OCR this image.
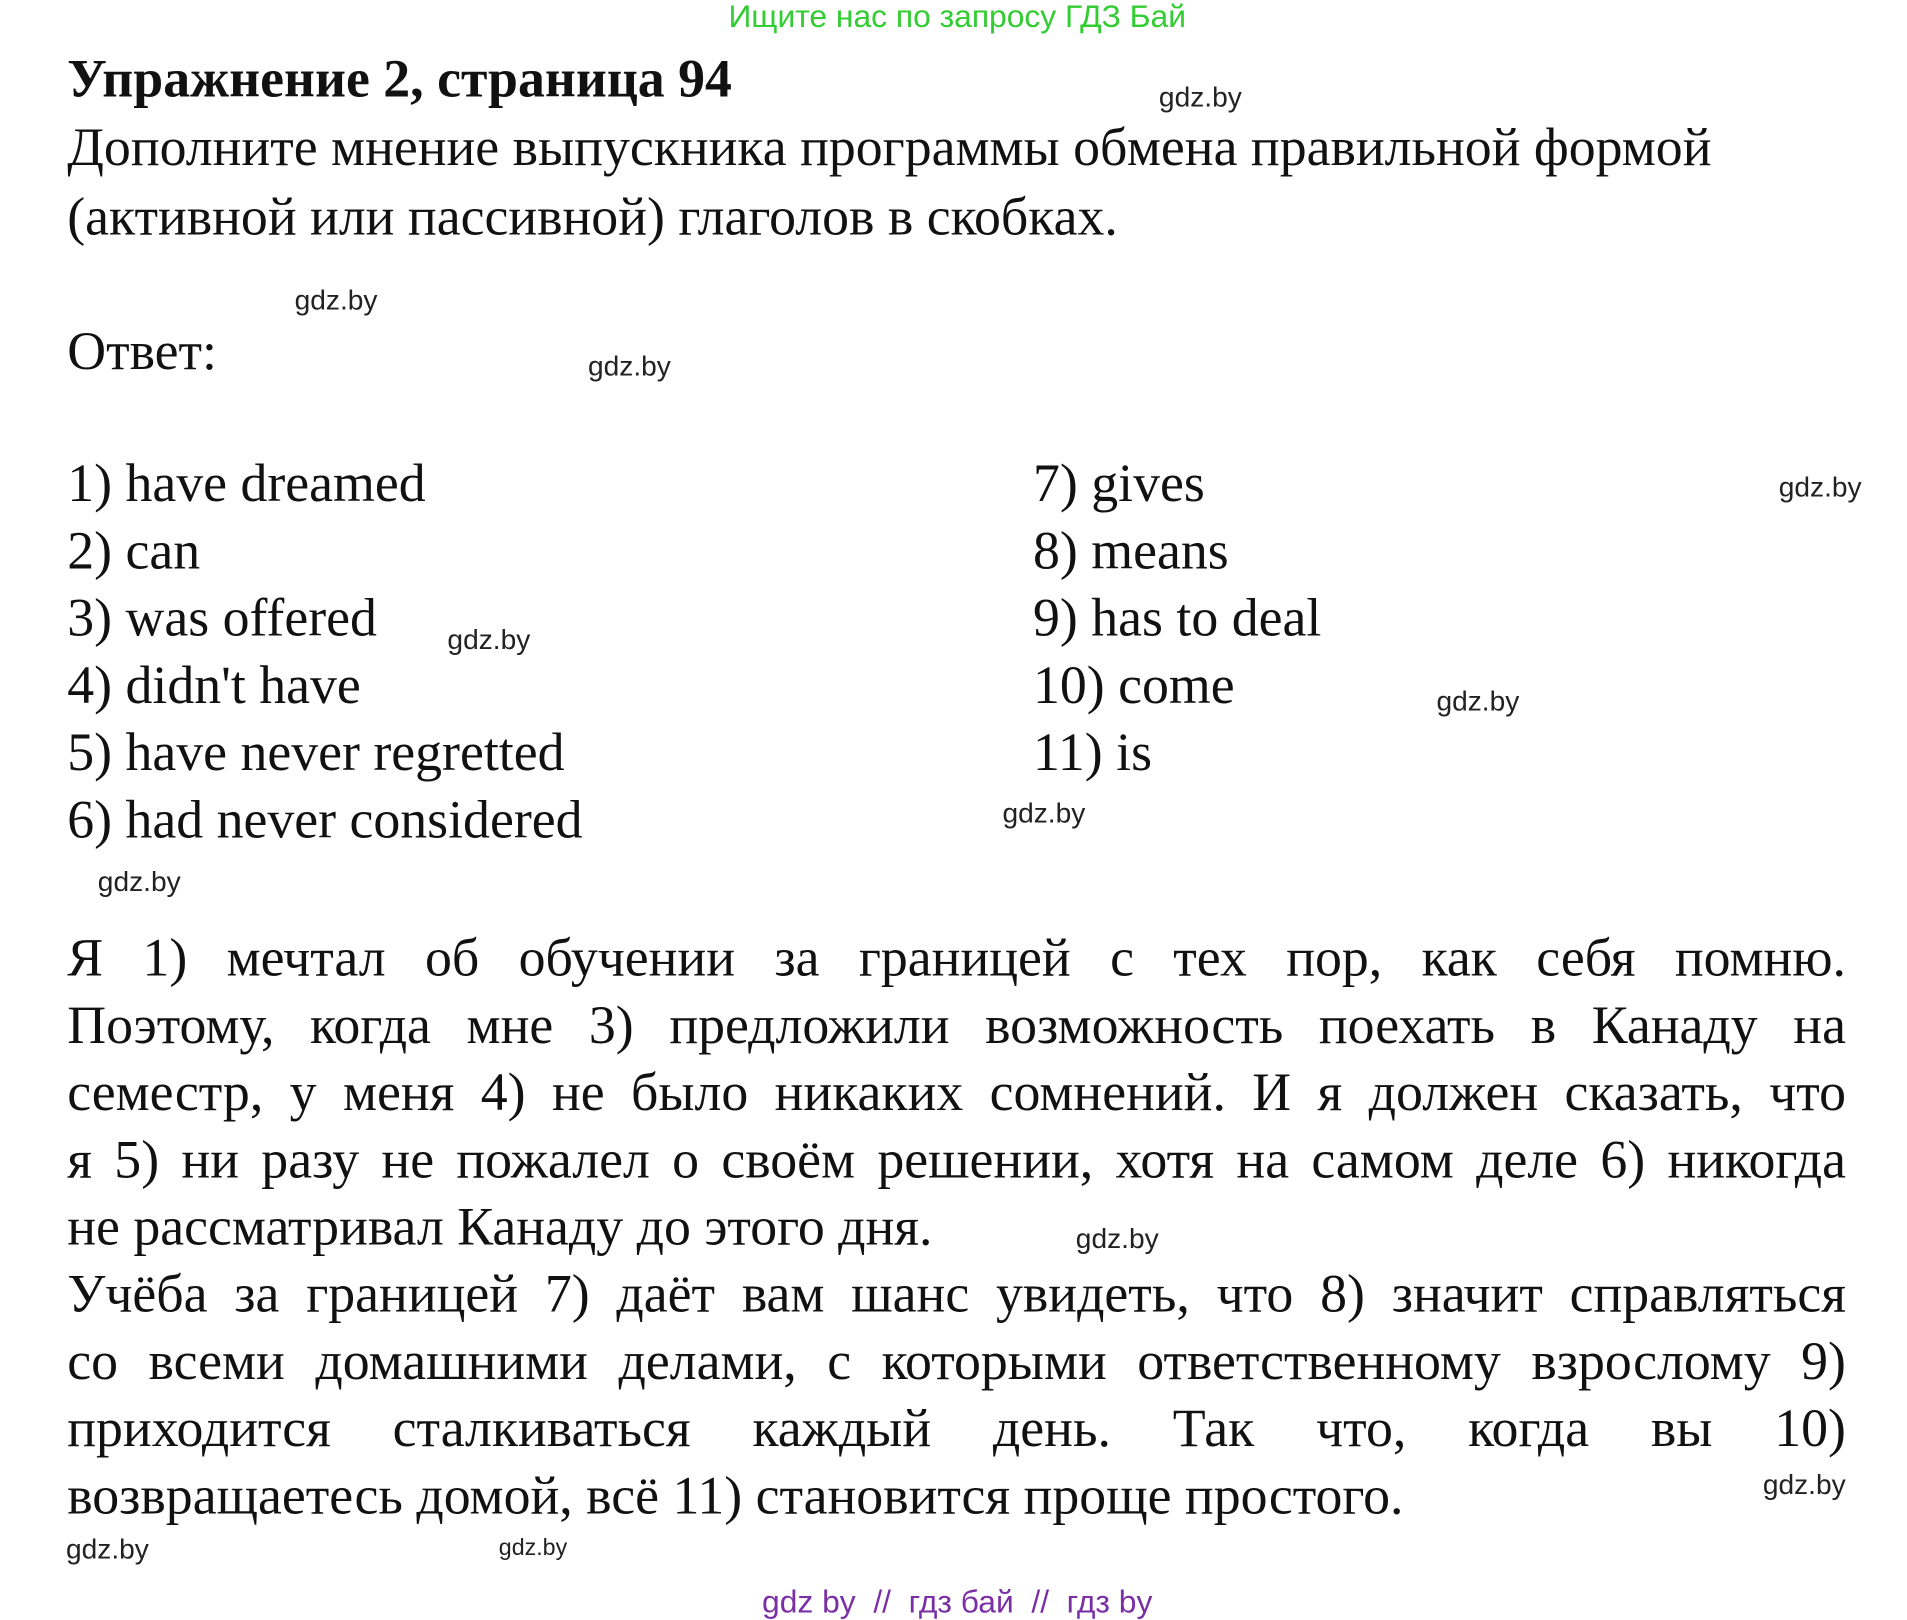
Ищите нас по запросу ГДЗ Бай
Упражнение 2, страница 94
Дополните мнение выпускника программы обмена правильной формой
(активной или пассивной) глаголов в скобках.
Ответ:
1) have dreamed
2) can
3) was offered
4) didn't have
5) have never regretted
6) had never considered
7) gives
8) means
9) has to deal
10) come
11) is
Я 1) мечтал об обучении за границей с тех пор, как себя помню.
Поэтому, когда мне 3) предложили возможность поехать в Канаду на
семестр, у меня 4) не было никаких сомнений. И я должен сказать, что
я 5) ни разу не пожалел о своём решении, хотя на самом деле 6) никогда
не рассматривал Канаду до этого дня.
Учёба за границей 7) даёт вам шанс увидеть, что 8) значит справляться
со всеми домашними делами, с которыми ответственному взрослому 9)
приходится сталкиваться каждый день. Так что, когда вы 10)
возвращаетесь домой, всё 11) становится проще простого.
gdz.by
gdz.by
gdz.by
gdz.by
gdz.by
gdz.by
gdz.by
gdz.by
gdz.by
gdz.by
gdz.by
gdz.by
gdz by  //  гдз бай  //  гдз by
